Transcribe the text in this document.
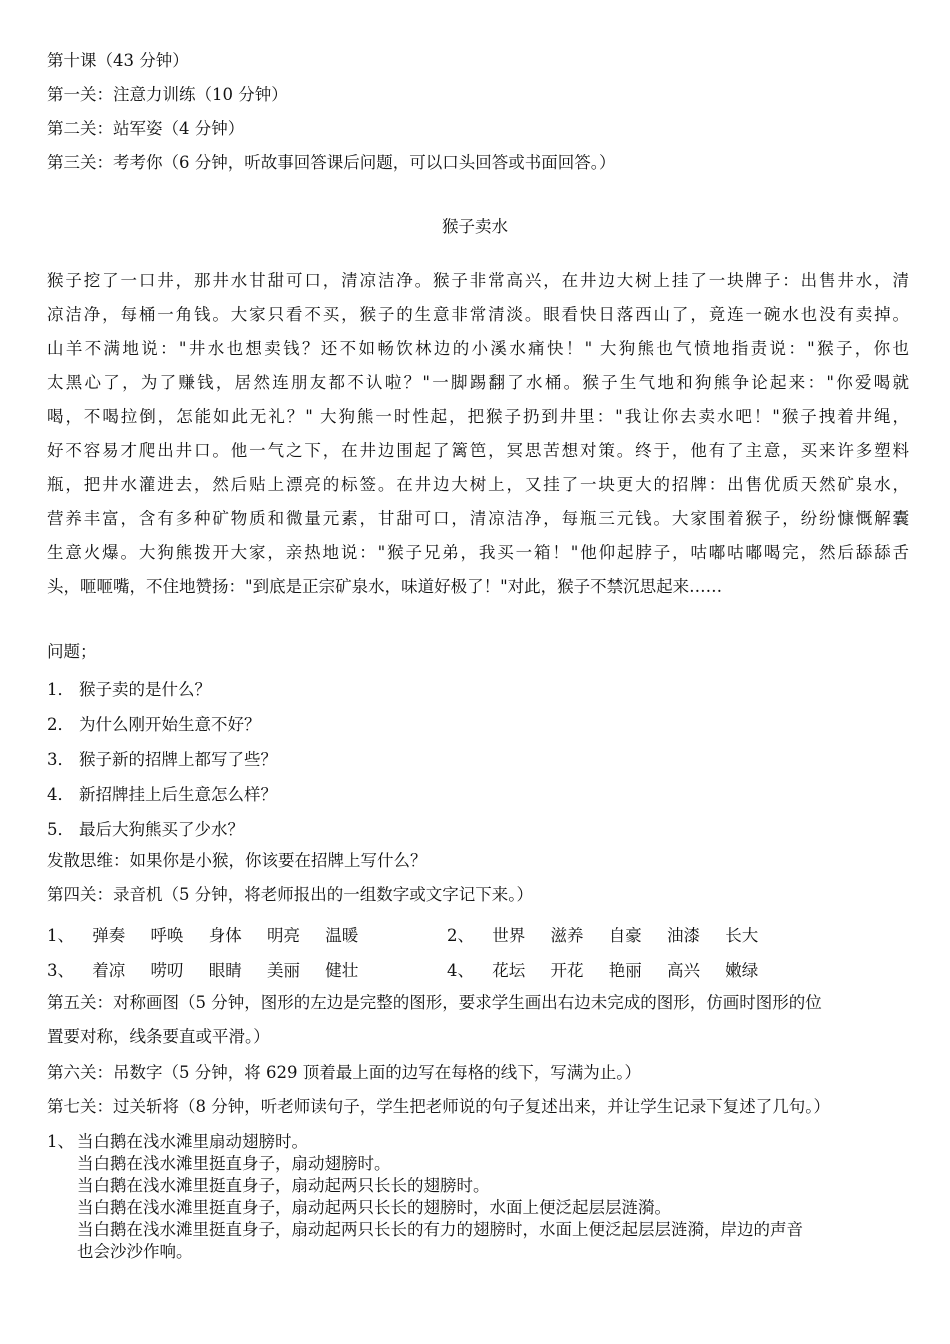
第十课（43 分钟）
第一关：注意力训练（10 分钟）
第二关：站军姿（4 分钟）
第三关：考考你（6 分钟，听故事回答课后问题，可以口头回答或书面回答。）
猴子卖水
猴子挖了一口井，那井水甘甜可口，清凉洁净。猴子非常高兴，在井边大树上挂了一块牌子：出售井水，清
凉洁净，每桶一角钱。大家只看不买，猴子的生意非常清淡。眼看快日落西山了，竟连一碗水也没有卖掉。
山羊不满地说："井水也想卖钱？还不如畅饮林边的小溪水痛快！" 大狗熊也气愤地指责说："猴子，你也
太黑心了，为了赚钱，居然连朋友都不认啦？"一脚踢翻了水桶。猴子生气地和狗熊争论起来："你爱喝就
喝，不喝拉倒，怎能如此无礼？" 大狗熊一时性起，把猴子扔到井里："我让你去卖水吧！"猴子拽着井绳，
好不容易才爬出井口。他一气之下，在井边围起了篱笆，冥思苦想对策。终于，他有了主意，买来许多塑料
瓶，把井水灌进去，然后贴上漂亮的标签。在井边大树上，又挂了一块更大的招牌：出售优质天然矿泉水，
营养丰富，含有多种矿物质和微量元素，甘甜可口，清凉洁净，每瓶三元钱。大家围着猴子，纷纷慷慨解囊
生意火爆。大狗熊拨开大家，亲热地说："猴子兄弟，我买一箱！"他仰起脖子，咕嘟咕嘟喝完，然后舔舔舌
头，咂咂嘴，不住地赞扬："到底是正宗矿泉水，味道好极了！"对此，猴子不禁沉思起来……
问题；
1． 猴子卖的是什么？
2． 为什么刚开始生意不好？
3． 猴子新的招牌上都写了些？
4． 新招牌挂上后生意怎么样？
5． 最后大狗熊买了少水？
发散思维：如果你是小猴，你该要在招牌上写什么？
第四关：录音机（5 分钟，将老师报出的一组数字或文字记下来。）
1、 弹奏 呼唤 身体 明亮 温暖	2、 世界 滋养 自豪 油漆 长大
3、 着凉 唠叨 眼睛 美丽 健壮	4、 花坛 开花 艳丽 高兴 嫩绿
第五关：对称画图（5 分钟，图形的左边是完整的图形，要求学生画出右边未完成的图形，仿画时图形的位
置要对称，线条要直或平滑。）
第六关：吊数字（5 分钟，将 629 顶着最上面的边写在每格的线下，写满为止。）
第七关：过关斩将（8 分钟，听老师读句子，学生把老师说的句子复述出来，并让学生记录下复述了几句。）
1、 当白鹅在浅水滩里扇动翅膀时。
当白鹅在浅水滩里挺直身子，扇动翅膀时。
当白鹅在浅水滩里挺直身子，扇动起两只长长的翅膀时。
当白鹅在浅水滩里挺直身子，扇动起两只长长的翅膀时，水面上便泛起层层涟漪。
当白鹅在浅水滩里挺直身子，扇动起两只长长的有力的翅膀时，水面上便泛起层层涟漪，岸边的声音
也会沙沙作响。
